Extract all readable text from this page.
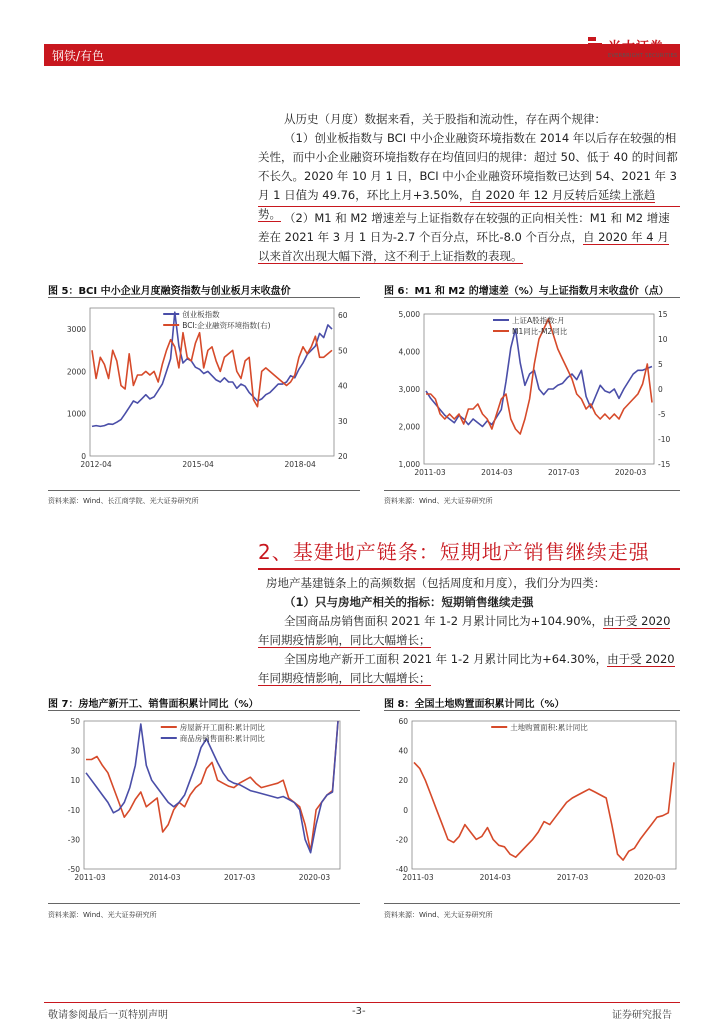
钢铁/有色
光大证券
EVERBRIGHT SECURITIES

从历史（月度）数据来看，关于股指和流动性，存在两个规律：

（1）创业板指数与 BCI 中小企业融资环境指数在 2014 年以后存在较强的相关性，而中小企业融资环境指数存在均值回归的规律：超过 50、低于 40 的时间都不长久。2020 年 10 月 1 日，BCI 中小企业融资环境指数已达到 54、2021 年 3 月 1 日值为 49.76，环比上月+3.50%，自 2020 年 12 月反转后延续上涨趋势。 （2）M1 和 M2 增速差与上证指数存在较强的正向相关性：M1 和 M2 增速差在 2021 年 3 月 1 日为-2.7 个百分点，环比-8.0 个百分点，自 2020 年 4 月以来首次出现大幅下滑，这不利于上证指数的表现。

图 5：BCI 中小企业月度融资指数与创业板月末收盘价
0
1000
2000
3000
20
30
40
50
60
2012-04	2015-04	2018-04
创业板指数
BCI:企业融资环境指数(右)
资料来源：Wind、长江商学院、光大证券研究所
图 6：M1 和 M2 的增速差（%）与上证指数月末收盘价（点）
1,000
2,000
3,000
4,000
5,000
-15
-10
-5
0
5
10
15
2011-03	2014-03	2017-03	2020-03
上证A股指数:月
M1同比-M2同比
资料来源：Wind、光大证券研究所
2、基建地产链条：短期地产销售继续走强

房地产基建链条上的高频数据（包括周度和月度），我们分为四类：

（1）只与房地产相关的指标：短期销售继续走强

全国商品房销售面积 2021 年 1-2 月累计同比为+104.90%，由于受 2020 年同期疫情影响，同比大幅增长；

全国房地产新开工面积 2021 年 1-2 月累计同比为+64.30%，由于受 2020 年同期疫情影响，同比大幅增长；

图 7：房地产新开工、销售面积累计同比（%）
-50
-30
-10
10
30
50
2011-03	2014-03	2017-03	2020-03
房屋新开工面积:累计同比
商品房销售面积:累计同比
资料来源：Wind、光大证券研究所
图 8：全国土地购置面积累计同比（%）
-40
-20
0
20
40
60
2011-03	2014-03	2017-03	2020-03
土地购置面积:累计同比
资料来源：Wind、光大证券研究所
敬请参阅最后一页特别声明	-3-	证券研究报告
